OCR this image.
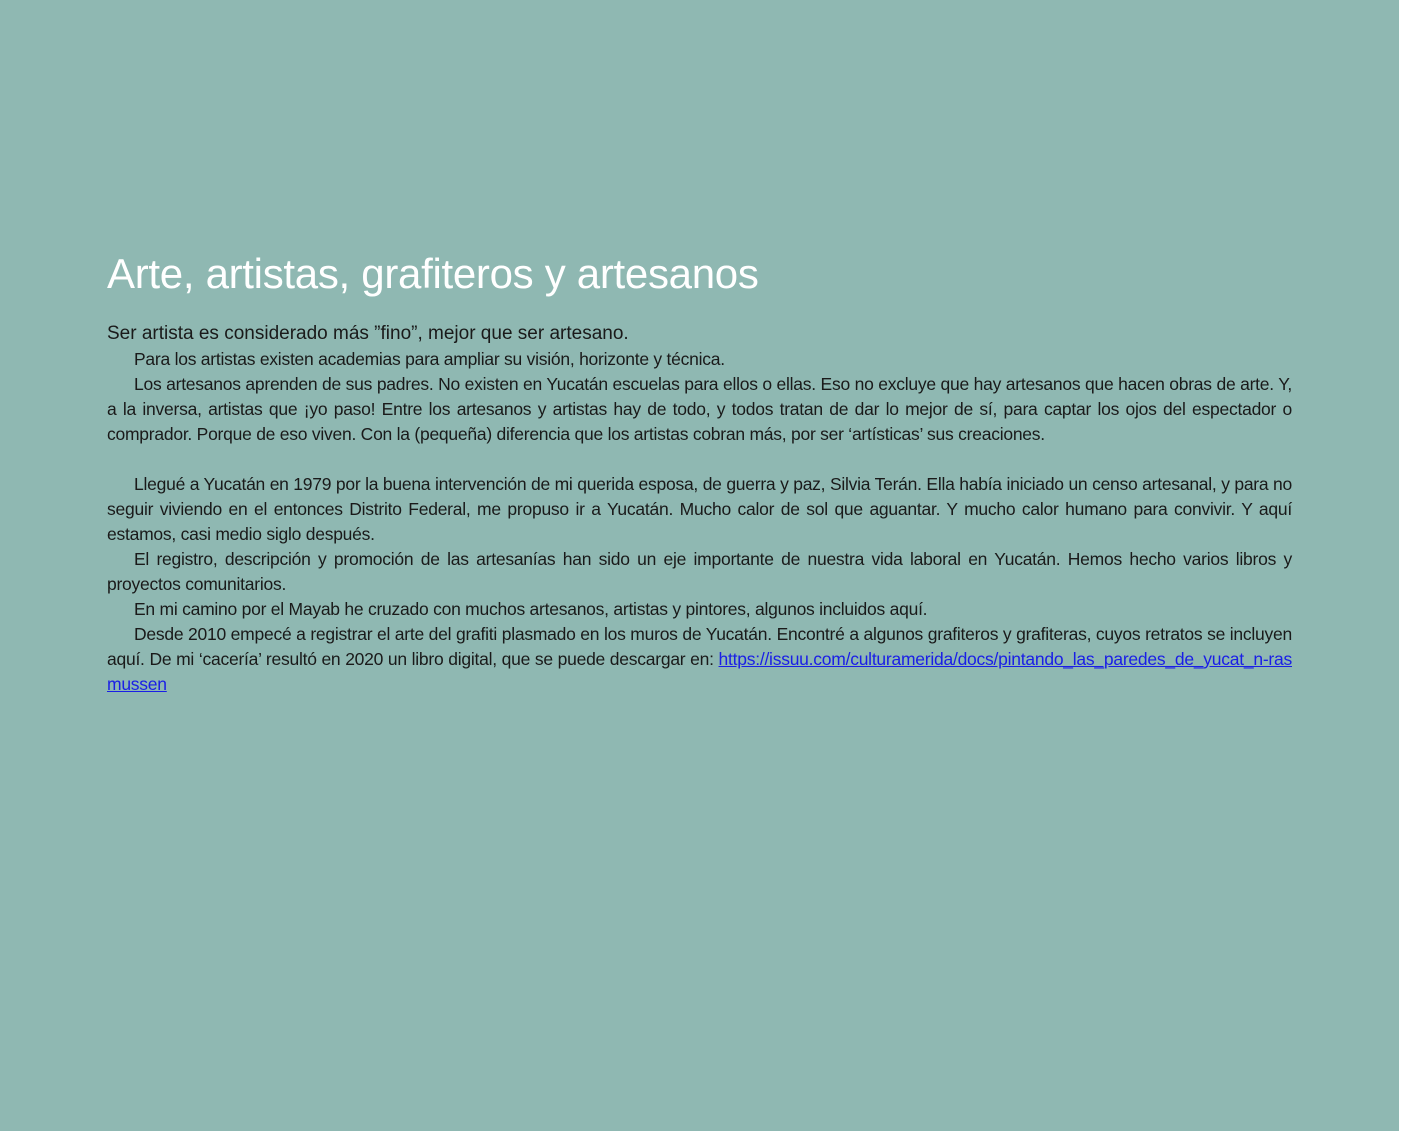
Arte, artistas, grafiteros y artesanos

Ser artista es considerado más ”fino”, mejor que ser artesano.

Para los artistas existen academias para ampliar su visión, horizonte y técnica.

Los artesanos aprenden de sus padres. No existen en Yucatán escuelas para ellos o ellas. Eso no excluye que hay artesanos que hacen obras de arte. Y, a la inversa, artistas que ¡yo paso! Entre los artesanos y artistas hay de todo, y todos tratan de dar lo mejor de sí, para captar los ojos del espectador o comprador. Porque de eso viven. Con la (pequeña) diferencia que los artistas cobran más, por ser ‘artísticas’ sus creaciones.

Llegué a Yucatán en 1979 por la buena intervención de mi querida esposa, de guerra y paz, Silvia Terán. Ella había iniciado un censo artesanal, y para no seguir viviendo en el entonces Distrito Federal, me propuso ir a Yucatán. Mucho calor de sol que aguantar. Y mucho calor humano para convivir. Y aquí estamos, casi medio siglo después.

El registro, descripción y promoción de las artesanías han sido un eje importante de nuestra vida laboral en Yucatán. Hemos hecho varios libros y proyectos comunitarios.

En mi camino por el Mayab he cruzado con muchos artesanos, artistas y pintores, algunos incluidos aquí.

Desde 2010 empecé a registrar el arte del grafiti plasmado en los muros de Yucatán. Encontré a algunos grafiteros y grafiteras, cuyos retratos se incluyen aquí. De mi ‘cacería’ resultó en 2020 un libro digital, que se puede descargar en: https://issuu.com/culturamerida/docs/pintando_las_paredes_de_yucat_n-rasmussen
